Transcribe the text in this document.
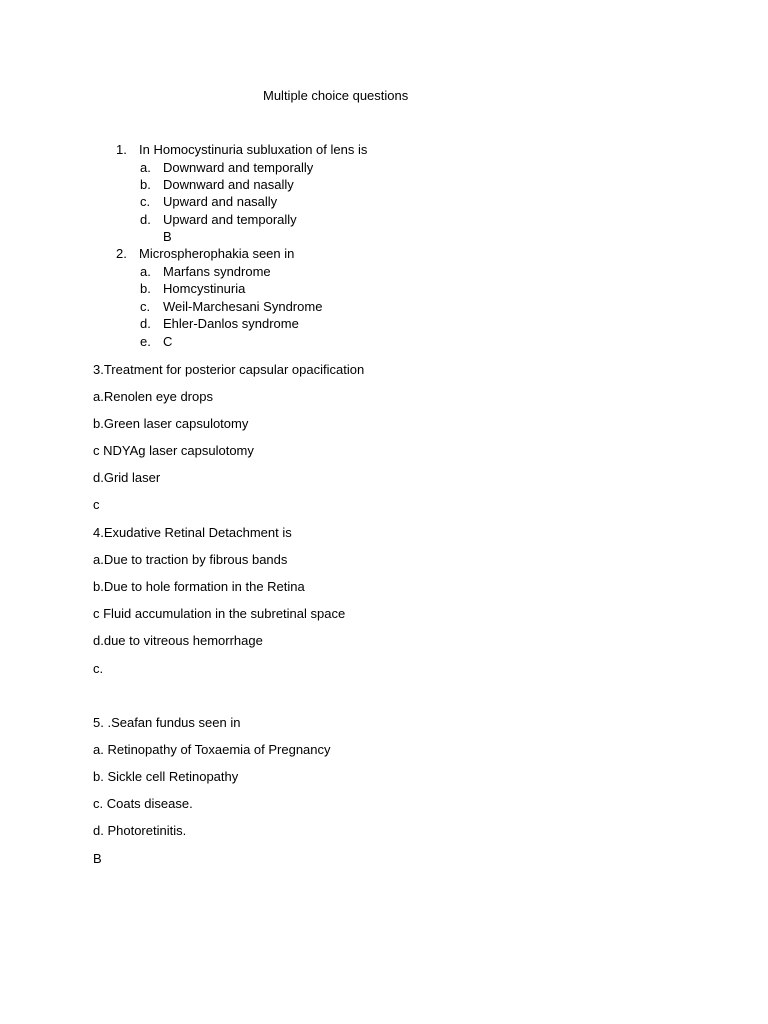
Multiple choice questions
1. In Homocystinuria subluxation of lens is
a. Downward and temporally
b. Downward and nasally
c. Upward and nasally
d. Upward and temporally
B
2. Microspherophakia seen in
a. Marfans syndrome
b. Homcystinuria
c. Weil-Marchesani Syndrome
d. Ehler-Danlos syndrome
e. C
3.Treatment for posterior capsular opacification
a.Renolen eye drops
b.Green laser capsulotomy
c NDYAg laser capsulotomy
d.Grid laser
c
4.Exudative Retinal Detachment is
a.Due to traction by fibrous bands
b.Due to hole formation in the Retina
c Fluid accumulation in the subretinal space
d.due to vitreous hemorrhage
c.
5. .Seafan fundus seen in
a. Retinopathy of Toxaemia of Pregnancy
b. Sickle cell Retinopathy
c. Coats disease.
d. Photoretinitis.
B
